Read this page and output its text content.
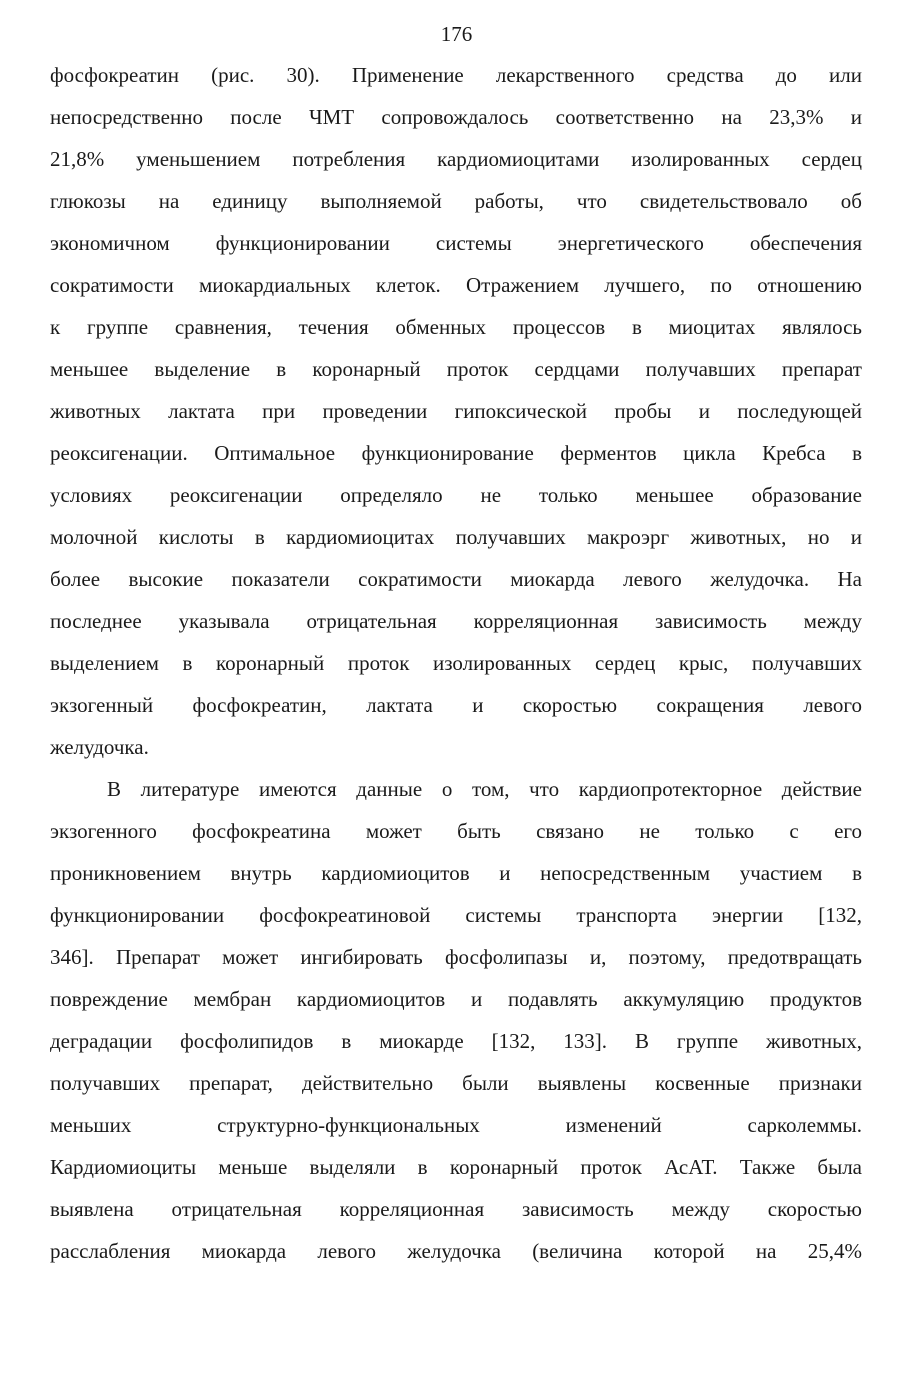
176
фосфокреатин (рис. 30). Применение лекарственного средства до или
непосредственно после ЧМТ сопровождалось соответственно на 23,3% и
21,8% уменьшением потребления кардиомиоцитами изолированных сердец
глюкозы на единицу выполняемой работы, что свидетельствовало об
экономичном функционировании системы энергетического обеспечения
сократимости миокардиальных клеток. Отражением лучшего, по отношению
к группе сравнения, течения обменных процессов в миоцитах являлось
меньшее выделение в коронарный проток сердцами получавших препарат
животных лактата при проведении гипоксической пробы и последующей
реоксигенации. Оптимальное функционирование ферментов цикла Кребса в
условиях реоксигенации определяло не только меньшее образование
молочной кислоты в кардиомиоцитах получавших макроэрг животных, но и
более высокие показатели сократимости миокарда левого желудочка. На
последнее указывала отрицательная корреляционная зависимость между
выделением в коронарный проток изолированных сердец крыс, получавших
экзогенный фосфокреатин, лактата и скоростью сокращения левого
желудочка.
В литературе имеются данные о том, что кардиопротекторное действие
экзогенного фосфокреатина может быть связано не только с его
проникновением внутрь кардиомиоцитов и непосредственным участием в
функционировании фосфокреатиновой системы транспорта энергии [132,
346]. Препарат может ингибировать фосфолипазы и, поэтому, предотвращать
повреждение мембран кардиомиоцитов и подавлять аккумуляцию продуктов
деградации фосфолипидов в миокарде [132, 133]. В группе животных,
получавших препарат, действительно были выявлены косвенные признаки
меньших структурно-функциональных изменений сарколеммы.
Кардиомиоциты меньше выделяли в коронарный проток АсАТ. Также была
выявлена отрицательная корреляционная зависимость между скоростью
расслабления миокарда левого желудочка (величина которой на 25,4%
